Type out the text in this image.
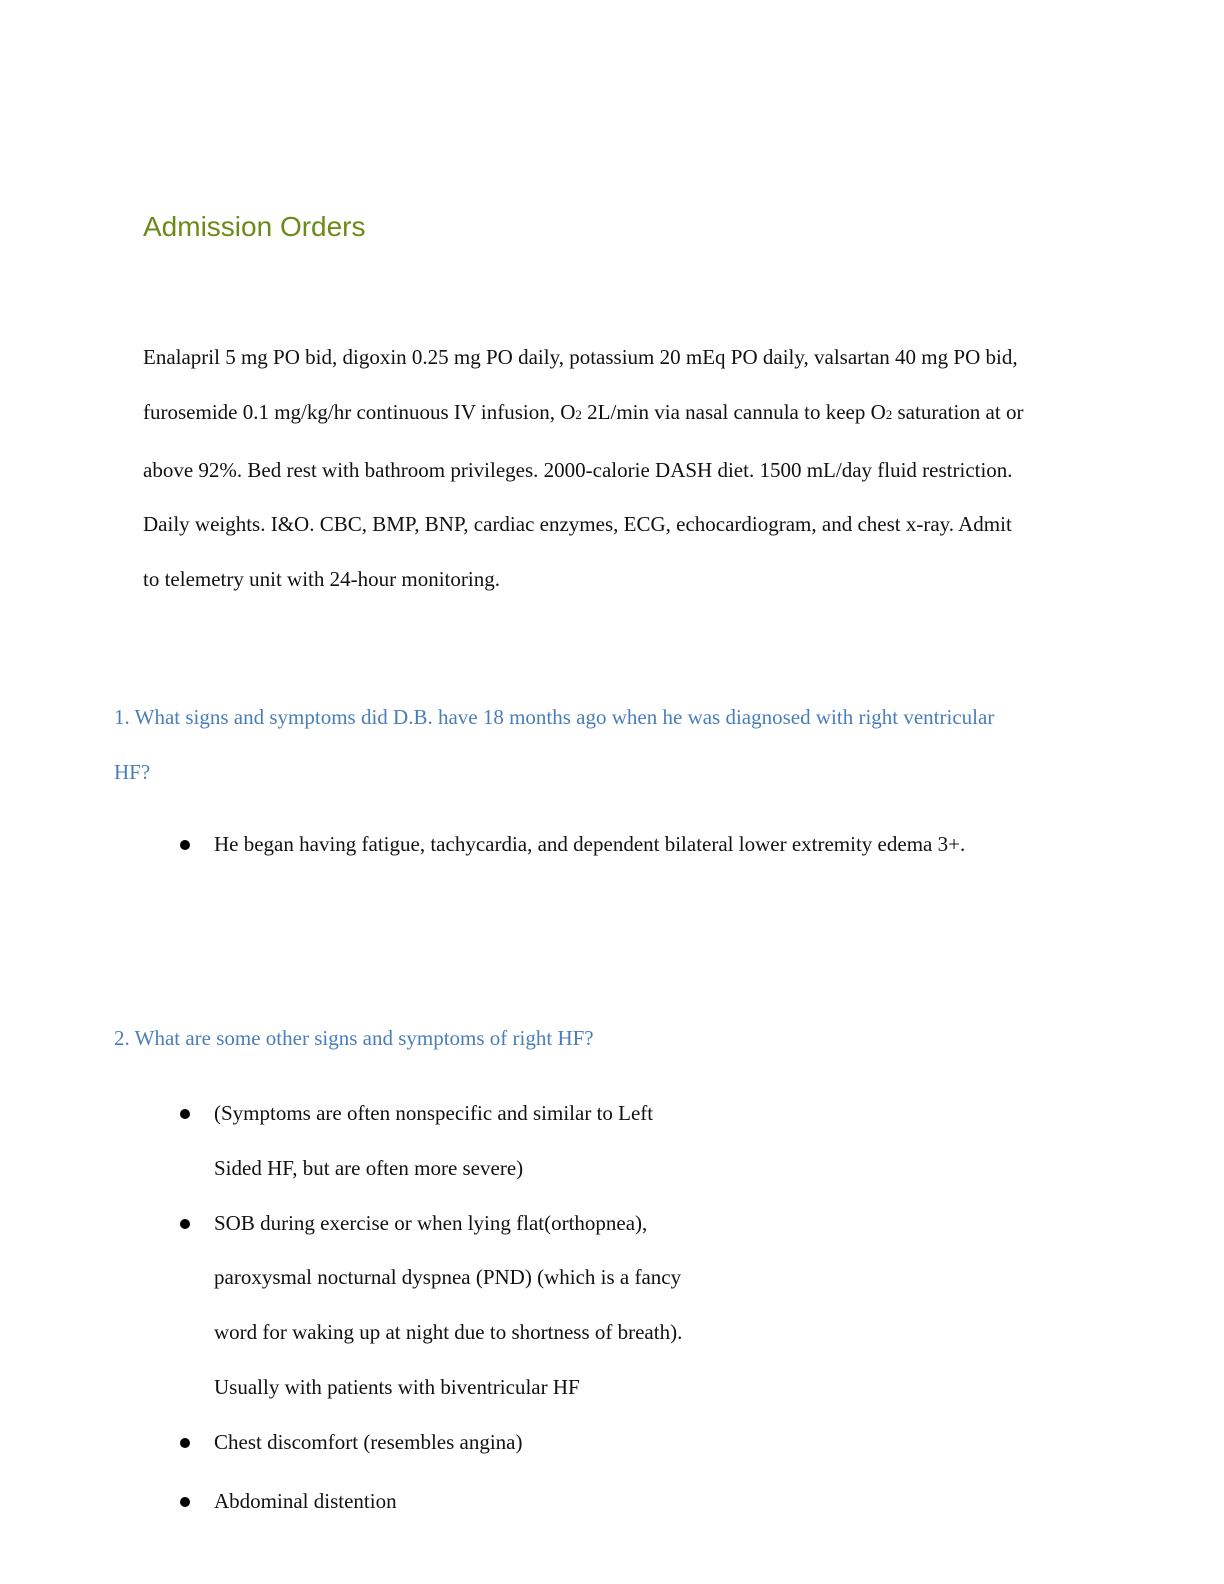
Admission Orders
Enalapril 5 mg PO bid, digoxin 0.25 mg PO daily, potassium 20 mEq PO daily, valsartan 40 mg PO bid,
furosemide 0.1 mg/kg/hr continuous IV infusion, O2 2L/min via nasal cannula to keep O2 saturation at or
above 92%. Bed rest with bathroom privileges. 2000-calorie DASH diet. 1500 mL/day fluid restriction.
Daily weights. I&O. CBC, BMP, BNP, cardiac enzymes, ECG, echocardiogram, and chest x-ray. Admit
to telemetry unit with 24-hour monitoring.
1. What signs and symptoms did D.B. have 18 months ago when he was diagnosed with right ventricular
HF?
He began having fatigue, tachycardia, and dependent bilateral lower extremity edema 3+.
2. What are some other signs and symptoms of right HF?
(Symptoms are often nonspecific and similar to Left
Sided HF, but are often more severe)
SOB during exercise or when lying flat(orthopnea),
paroxysmal nocturnal dyspnea (PND) (which is a fancy
word for waking up at night due to shortness of breath).
Usually with patients with biventricular HF
Chest discomfort (resembles angina)
Abdominal distention
